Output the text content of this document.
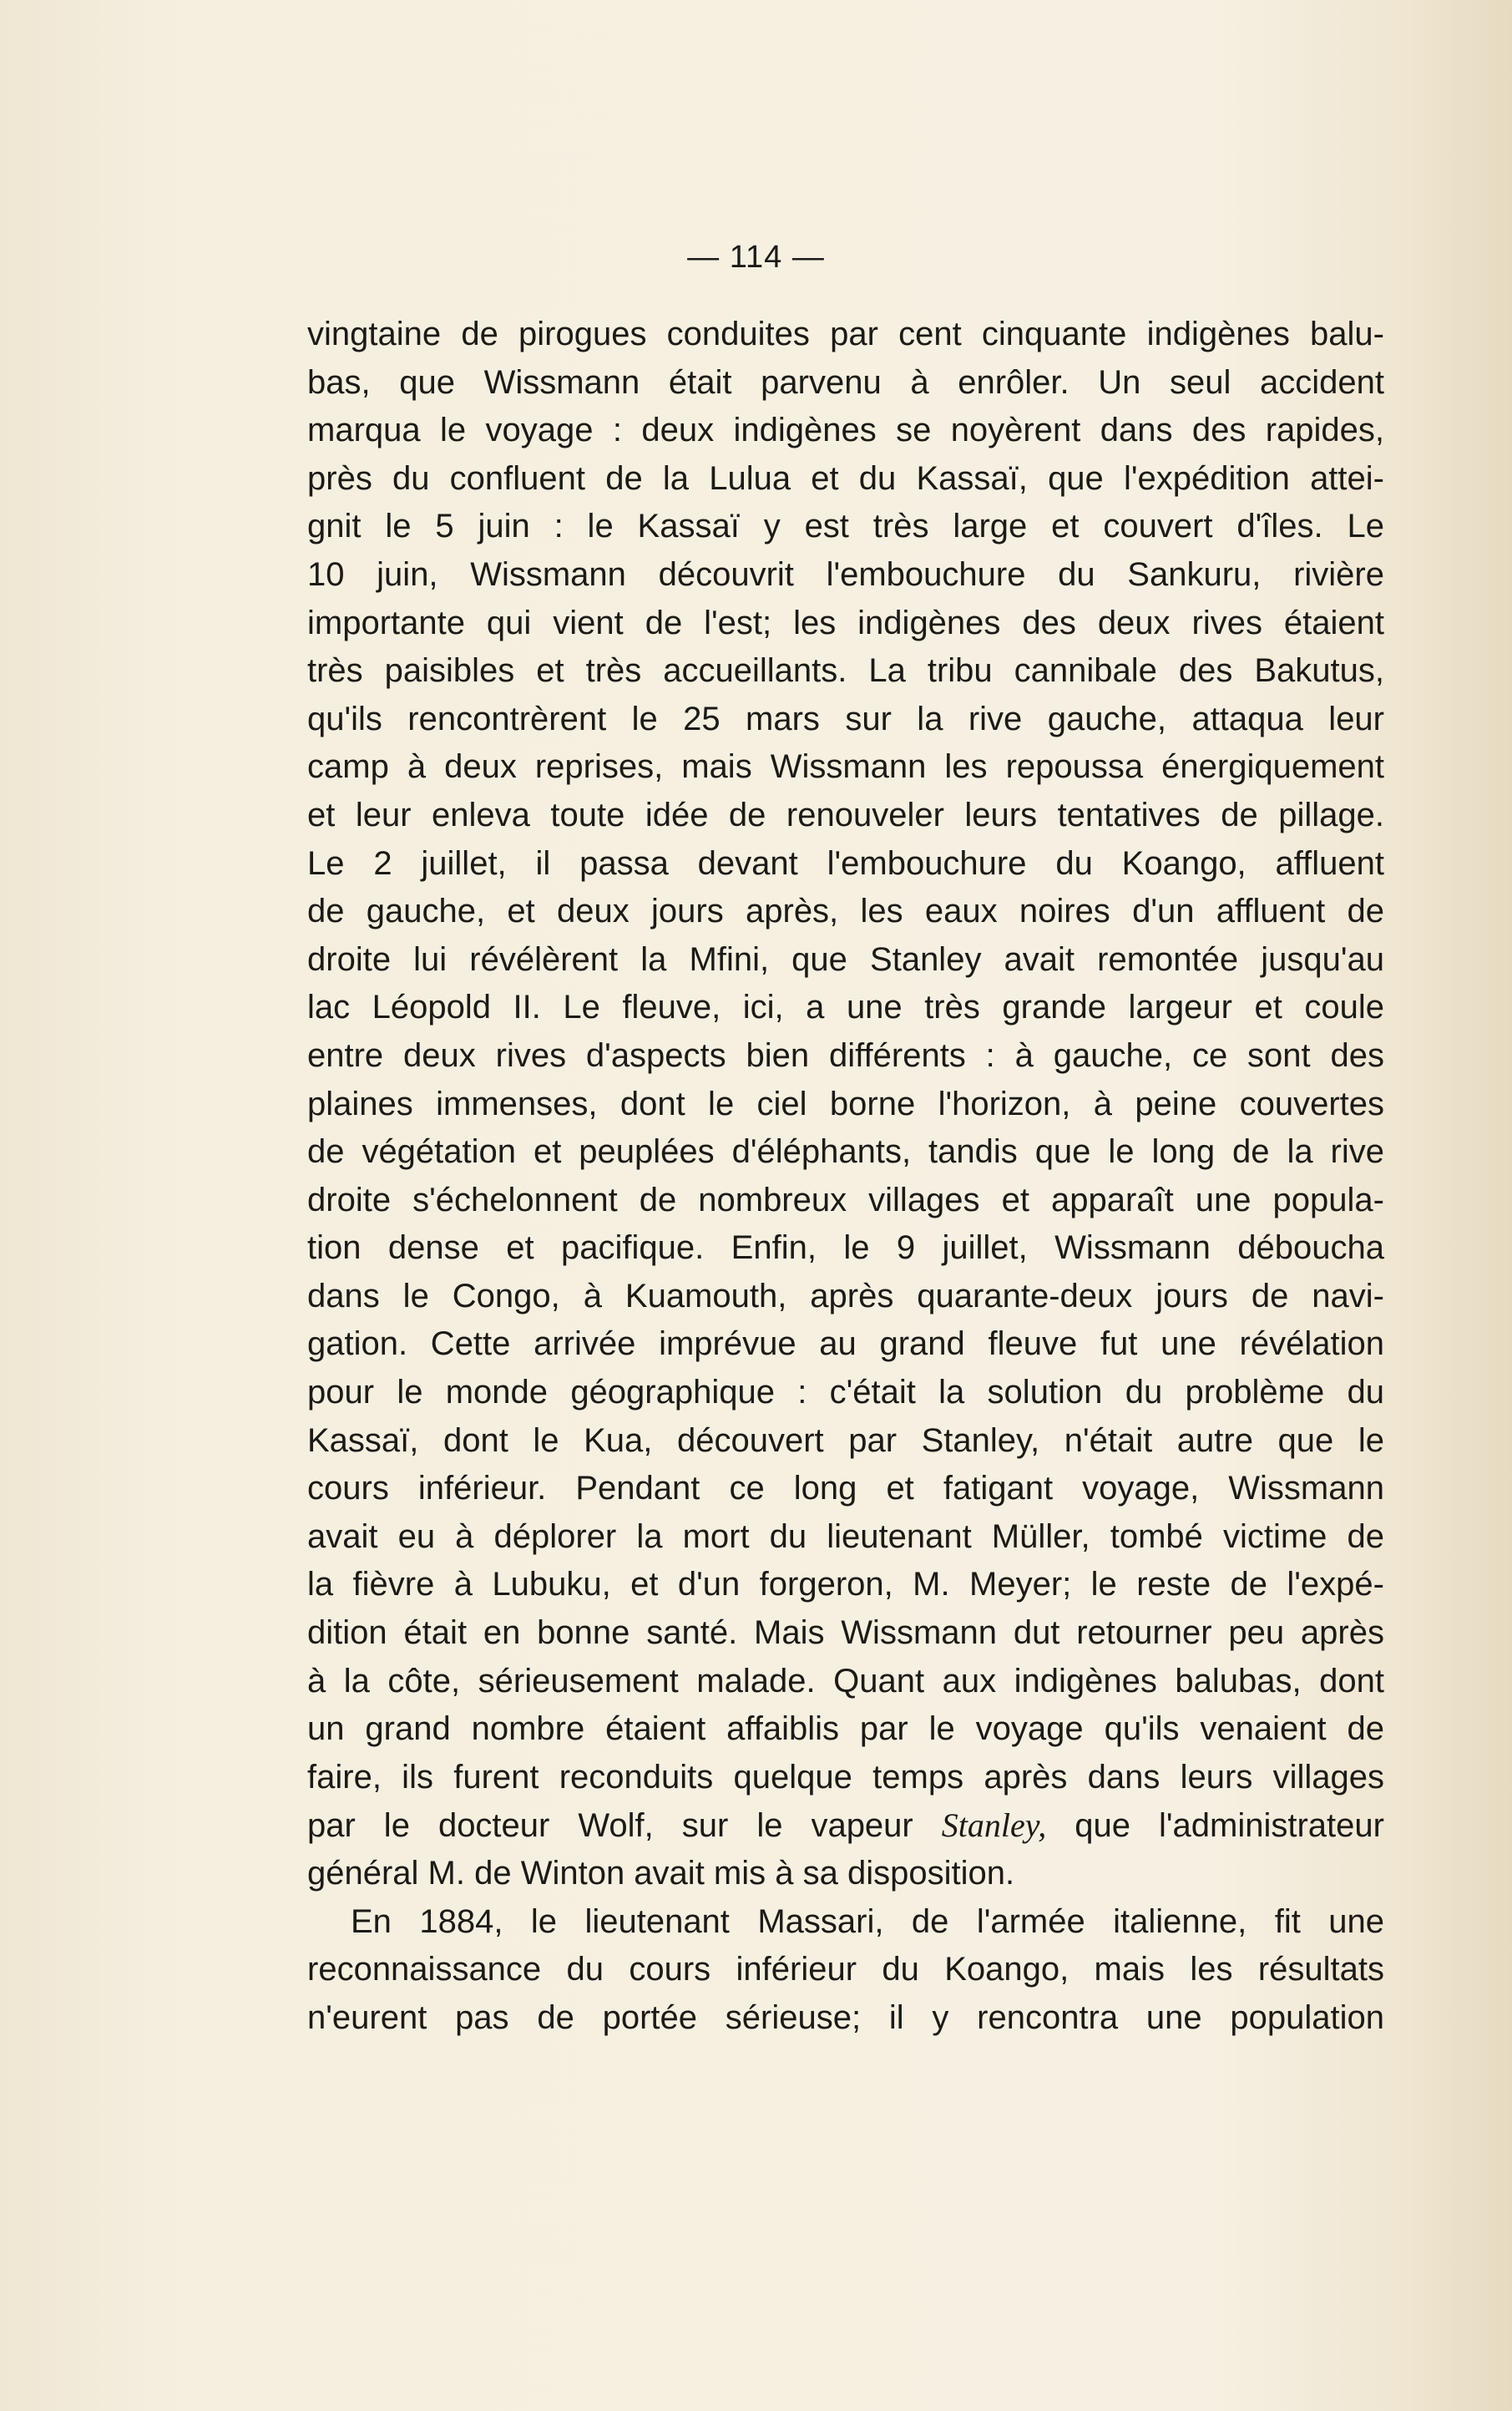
— 114 —
vingtaine de pirogues conduites par cent cinquante indigènes balu-
bas, que Wissmann était parvenu à enrôler. Un seul accident
marqua le voyage : deux indigènes se noyèrent dans des rapides,
près du confluent de la Lulua et du Kassaï, que l'expédition attei-
gnit le 5 juin : le Kassaï y est très large et couvert d'îles. Le
10 juin, Wissmann découvrit l'embouchure du Sankuru, rivière
importante qui vient de l'est; les indigènes des deux rives étaient
très paisibles et très accueillants. La tribu cannibale des Bakutus,
qu'ils rencontrèrent le 25 mars sur la rive gauche, attaqua leur
camp à deux reprises, mais Wissmann les repoussa énergiquement
et leur enleva toute idée de renouveler leurs tentatives de pillage.
Le 2 juillet, il passa devant l'embouchure du Koango, affluent
de gauche, et deux jours après, les eaux noires d'un affluent de
droite lui révélèrent la Mfini, que Stanley avait remontée jusqu'au
lac Léopold II. Le fleuve, ici, a une très grande largeur et coule
entre deux rives d'aspects bien différents : à gauche, ce sont des
plaines immenses, dont le ciel borne l'horizon, à peine couvertes
de végétation et peuplées d'éléphants, tandis que le long de la rive
droite s'échelonnent de nombreux villages et apparaît une popula-
tion dense et pacifique. Enfin, le 9 juillet, Wissmann déboucha
dans le Congo, à Kuamouth, après quarante-deux jours de navi-
gation. Cette arrivée imprévue au grand fleuve fut une révélation
pour le monde géographique : c'était la solution du problème du
Kassaï, dont le Kua, découvert par Stanley, n'était autre que le
cours inférieur. Pendant ce long et fatigant voyage, Wissmann
avait eu à déplorer la mort du lieutenant Müller, tombé victime de
la fièvre à Lubuku, et d'un forgeron, M. Meyer; le reste de l'expé-
dition était en bonne santé. Mais Wissmann dut retourner peu après
à la côte, sérieusement malade. Quant aux indigènes balubas, dont
un grand nombre étaient affaiblis par le voyage qu'ils venaient de
faire, ils furent reconduits quelque temps après dans leurs villages
par le docteur Wolf, sur le vapeur Stanley, que l'administrateur
général M. de Winton avait mis à sa disposition.
En 1884, le lieutenant Massari, de l'armée italienne, fit une
reconnaissance du cours inférieur du Koango, mais les résultats
n'eurent pas de portée sérieuse; il y rencontra une population
